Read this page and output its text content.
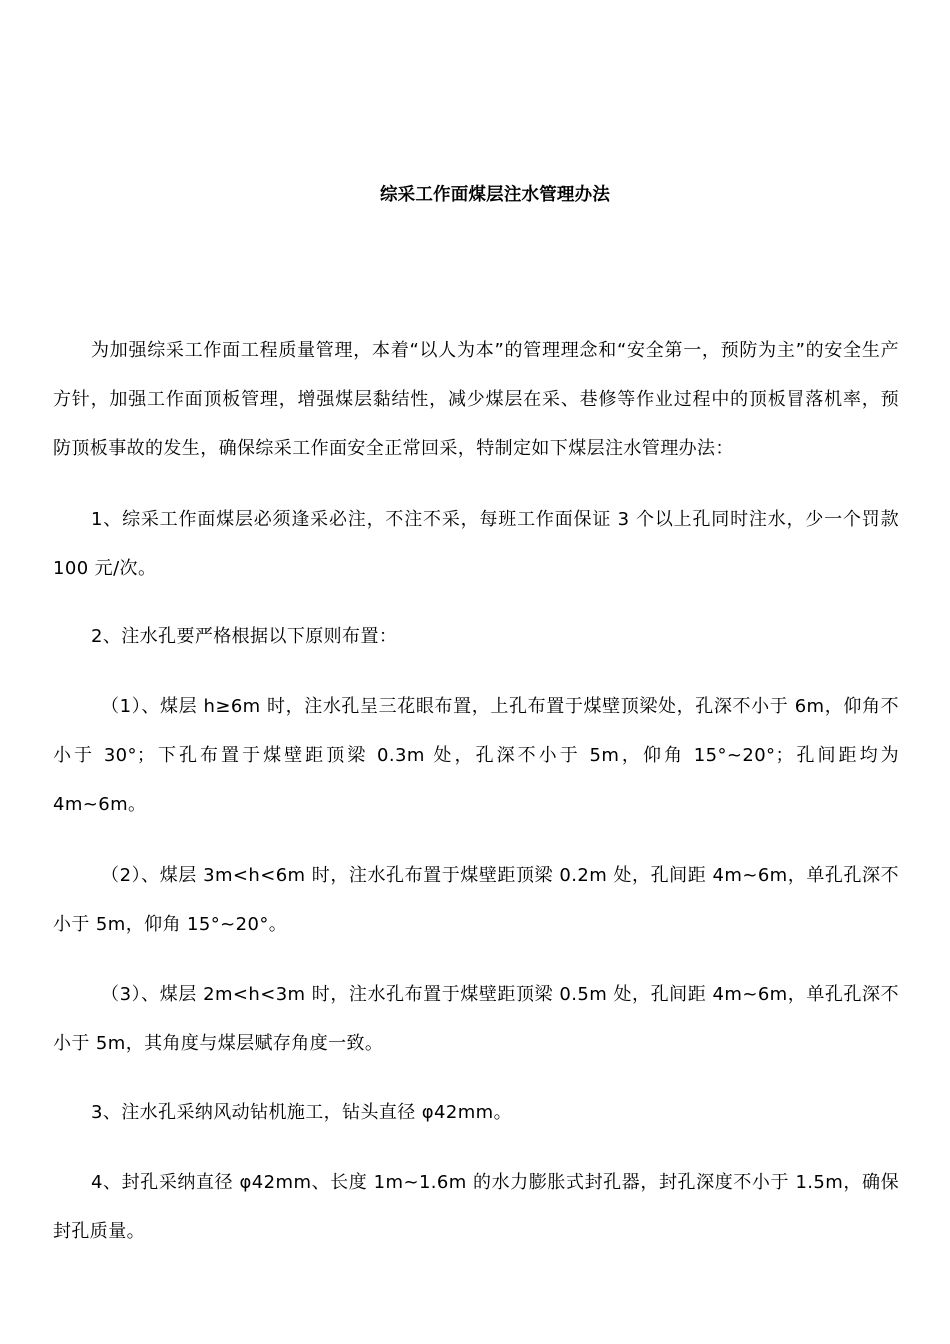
综采工作面煤层注水管理办法

为加强综采工作面工程质量管理，本着“以人为本”的管理理念和“安全第一，预防为主”的安全生产方针，加强工作面顶板管理，增强煤层黏结性，减少煤层在采、巷修等作业过程中的顶板冒落机率，预防顶板事故的发生，确保综采工作面安全正常回采，特制定如下煤层注水管理办法：

1、综采工作面煤层必须逢采必注，不注不采，每班工作面保证 3 个以上孔同时注水，少一个罚款 100 元/次。

2、注水孔要严格根据以下原则布置：

（1）、煤层 h≥6m 时，注水孔呈三花眼布置，上孔布置于煤壁顶梁处，孔深不小于 6m，仰角不小于 30°；下孔布置于煤壁距顶梁 0.3m 处，孔深不小于 5m，仰角 15°~20°；孔间距均为 4m~6m。

（2）、煤层 3m<h<6m 时，注水孔布置于煤壁距顶梁 0.2m 处，孔间距 4m~6m，单孔孔深不小于 5m，仰角 15°~20°。

（3）、煤层 2m<h<3m 时，注水孔布置于煤壁距顶梁 0.5m 处，孔间距 4m~6m，单孔孔深不小于 5m，其角度与煤层赋存角度一致。

3、注水孔采纳风动钻机施工，钻头直径 φ42mm。

4、封孔采纳直径 φ42mm、长度 1m~1.6m 的水力膨胀式封孔器，封孔深度不小于 1.5m，确保封孔质量。
